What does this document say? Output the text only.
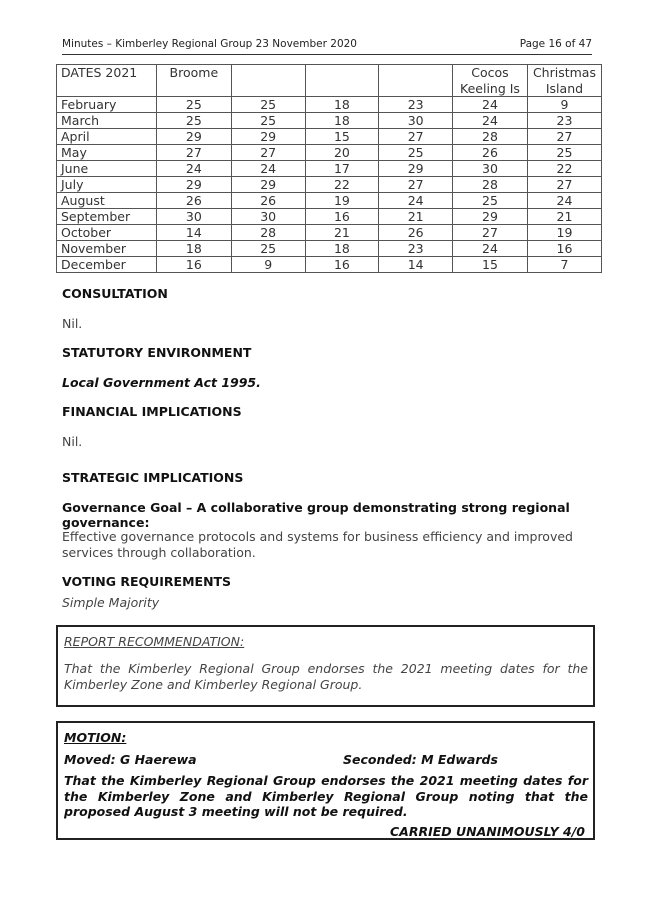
Minutes – Kimberley Regional Group 23 November 2020	Page 16 of 47
DATES 2021	Broome				Cocos Keeling Is	Christmas Island
February	25	25	18	23	24	9
March	25	25	18	30	24	23
April	29	29	15	27	28	27
May	27	27	20	25	26	25
June	24	24	17	29	30	22
July	29	29	22	27	28	27
August	26	26	19	24	25	24
September	30	30	16	21	29	21
October	14	28	21	26	27	19
November	18	25	18	23	24	16
December	16	9	16	14	15	7
CONSULTATION
Nil.
STATUTORY ENVIRONMENT
Local Government Act 1995.
FINANCIAL IMPLICATIONS
Nil.
STRATEGIC IMPLICATIONS
Governance Goal – A collaborative group demonstrating strong regional governance:
Effective governance protocols and systems for business efficiency and improved services through collaboration.
VOTING REQUIREMENTS
Simple Majority
REPORT RECOMMENDATION:
That the Kimberley Regional Group endorses the 2021 meeting dates for the Kimberley Zone and Kimberley Regional Group.
MOTION:
Moved: G Haerewa	Seconded: M Edwards
That the Kimberley Regional Group endorses the 2021 meeting dates for the Kimberley Zone and Kimberley Regional Group noting that the proposed August 3 meeting will not be required.
CARRIED UNANIMOUSLY 4/0
